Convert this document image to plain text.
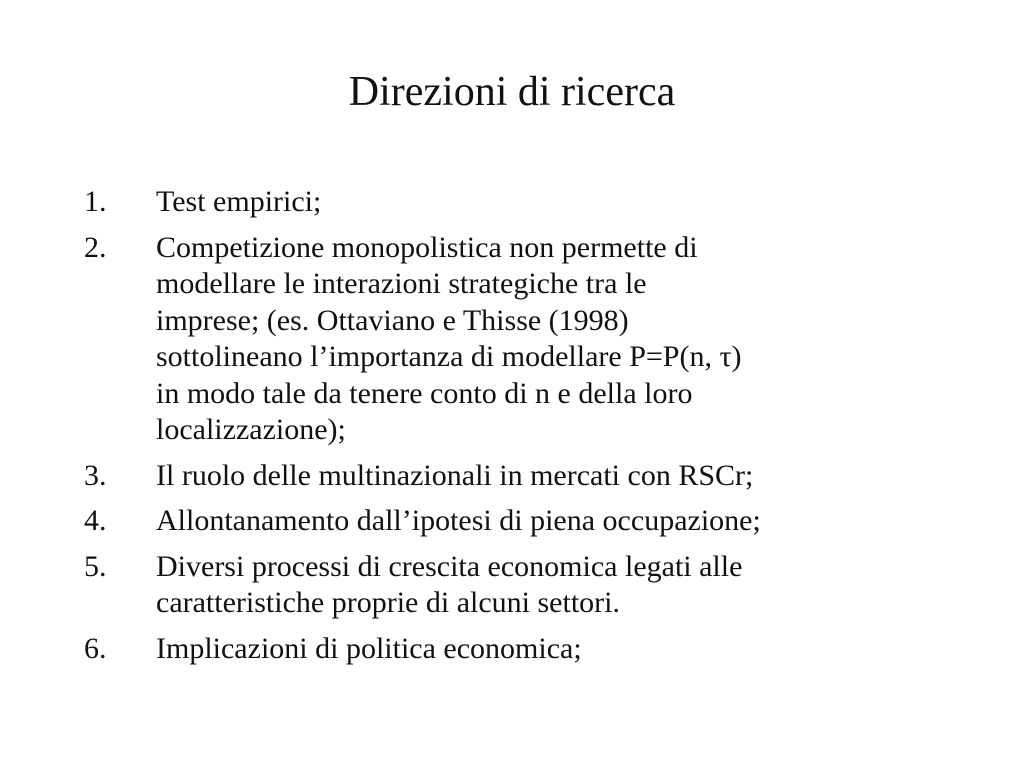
Direzioni di ricerca
1.	Test empirici;
2.	Competizione monopolistica non permette di
modellare le interazioni strategiche tra le
imprese; (es. Ottaviano e Thisse (1998)
sottolineano l’importanza di modellare P=P(n, τ)
in modo tale da tenere conto di n e della loro
localizzazione);
3.	Il ruolo delle multinazionali in mercati con RSCr;
4.	Allontanamento dall’ipotesi di piena occupazione;
5.	Diversi processi di crescita economica legati alle
caratteristiche proprie di alcuni settori.
6.	Implicazioni di politica economica;
